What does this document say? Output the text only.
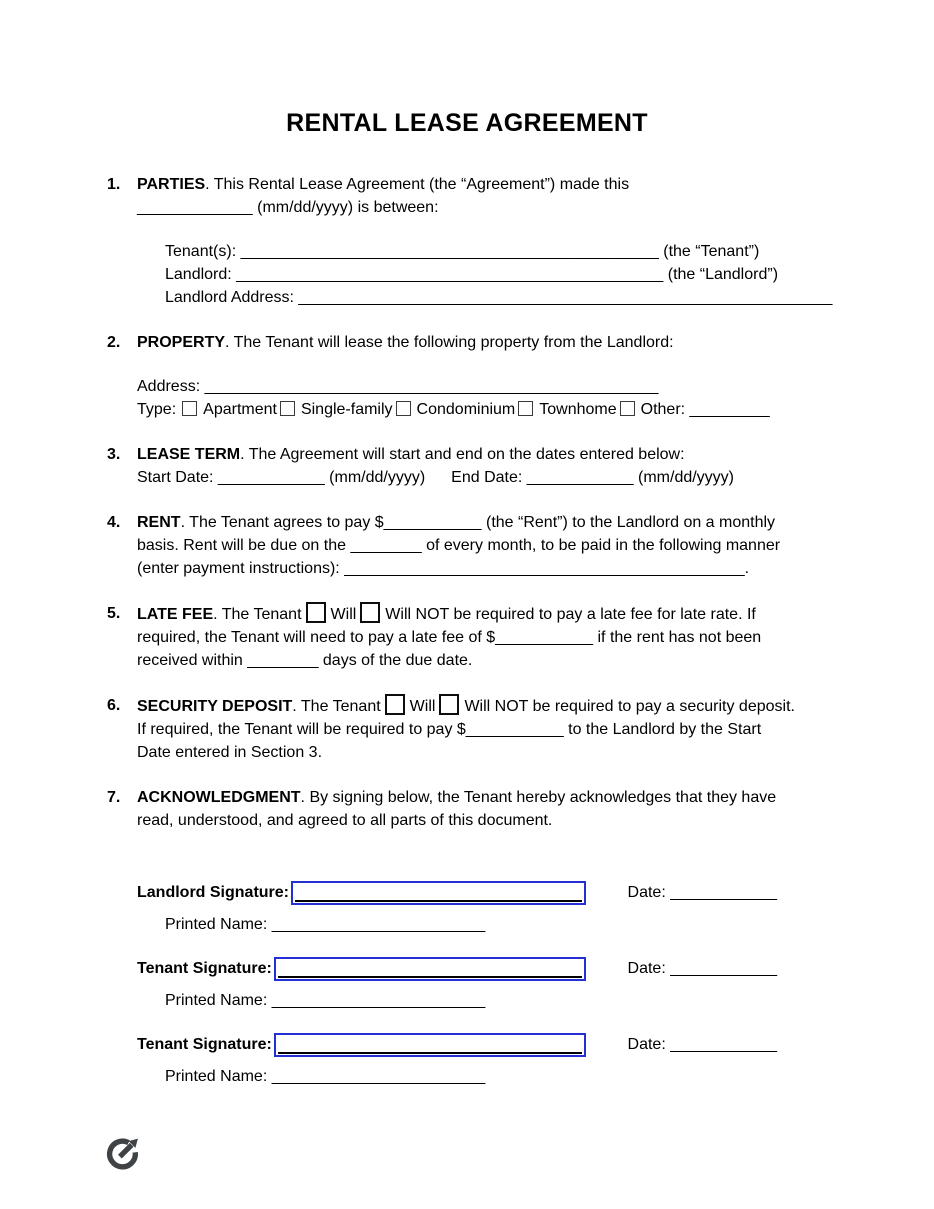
RENTAL LEASE AGREEMENT
1.	PARTIES. This Rental Lease Agreement (the “Agreement”) made this
_____________ (mm/dd/yyyy) is between:
Tenant(s): _______________________________________________ (the “Tenant”)
Landlord: ________________________________________________ (the “Landlord”)
Landlord Address: ____________________________________________________________
2.	PROPERTY. The Tenant will lease the following property from the Landlord:
Address: ___________________________________________________
Type: Apartment Single-family Condominium Townhome Other: _________
3.	LEASE TERM. The Agreement will start and end on the dates entered below:
Start Date: ____________ (mm/dd/yyyy) End Date: ____________ (mm/dd/yyyy)
4.	RENT. The Tenant agrees to pay $___________ (the “Rent”) to the Landlord on a monthly
basis. Rent will be due on the ________ of every month, to be paid in the following manner
(enter payment instructions): _____________________________________________.
5.	LATE FEE. The Tenant Will Will NOT be required to pay a late fee for late rate. If
required, the Tenant will need to pay a late fee of $___________ if the rent has not been
received within ________ days of the due date.
6.	SECURITY DEPOSIT. The Tenant Will Will NOT be required to pay a security deposit.
If required, the Tenant will be required to pay $___________ to the Landlord by the Start
Date entered in Section 3.
7.	ACKNOWLEDGMENT. By signing below, the Tenant hereby acknowledges that they have
read, understood, and agreed to all parts of this document.
Landlord Signature:	Date: ____________
Printed Name: ________________________
Tenant Signature:	Date: ____________
Printed Name: ________________________
Tenant Signature:	Date: ____________
Printed Name: ________________________
